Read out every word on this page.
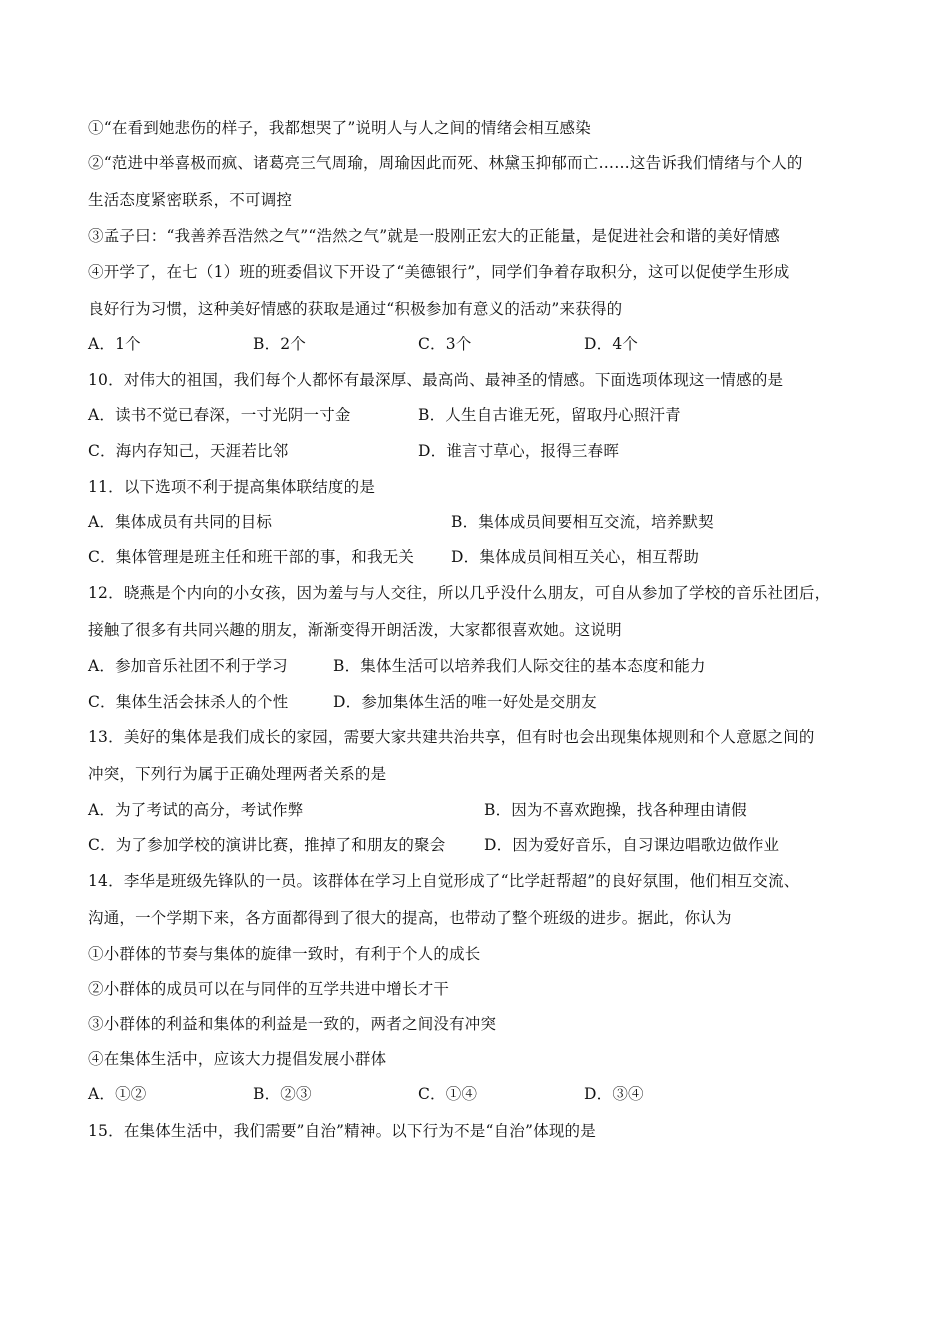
①“在看到她悲伤的样子，我都想哭了”说明人与人之间的情绪会相互感染
②“范进中举喜极而疯、诸葛亮三气周瑜，周瑜因此而死、林黛玉抑郁而亡……这告诉我们情绪与个人的
生活态度紧密联系，不可调控
③孟子曰：“我善养吾浩然之气”“浩然之气”就是一股刚正宏大的正能量，是促进社会和谐的美好情感
④开学了，在七（1）班的班委倡议下开设了“美德银行”，同学们争着存取积分，这可以促使学生形成
良好行为习惯，这种美好情感的获取是通过“积极参加有意义的活动”来获得的
A．1个	B．2个	C．3个	D．4个
10．对伟大的祖国，我们每个人都怀有最深厚、最高尚、最神圣的情感。下面选项体现这一情感的是
A．读书不觉已春深，一寸光阴一寸金	B．人生自古谁无死，留取丹心照汗青
C．海内存知己，天涯若比邻	D．谁言寸草心，报得三春晖
11．以下选项不利于提高集体联结度的是
A．集体成员有共同的目标	B．集体成员间要相互交流，培养默契
C．集体管理是班主任和班干部的事，和我无关 D．集体成员间相互关心，相互帮助
12．晓燕是个内向的小女孩，因为羞与与人交往，所以几乎没什么朋友，可自从参加了学校的音乐社团后，
接触了很多有共同兴趣的朋友，渐渐变得开朗活泼，大家都很喜欢她。这说明
A．参加音乐社团不利于学习	B．集体生活可以培养我们人际交往的基本态度和能力
C．集体生活会抹杀人的个性	D．参加集体生活的唯一好处是交朋友
13．美好的集体是我们成长的家园，需要大家共建共治共享，但有时也会出现集体规则和个人意愿之间的
冲突，下列行为属于正确处理两者关系的是
A．为了考试的高分，考试作弊	B．因为不喜欢跑操，找各种理由请假
C．为了参加学校的演讲比赛，推掉了和朋友的聚会 D．因为爱好音乐，自习课边唱歌边做作业
14．李华是班级先锋队的一员。该群体在学习上自觉形成了“比学赶帮超”的良好氛围，他们相互交流、
沟通，一个学期下来，各方面都得到了很大的提高，也带动了整个班级的进步。据此，你认为
①小群体的节奏与集体的旋律一致时，有利于个人的成长
②小群体的成员可以在与同伴的互学共进中增长才干
③小群体的利益和集体的利益是一致的，两者之间没有冲突
④在集体生活中，应该大力提倡发展小群体
A．①②	B．②③	C．①④	D．③④
15．在集体生活中，我们需要”自治”精神。以下行为不是“自治”体现的是
